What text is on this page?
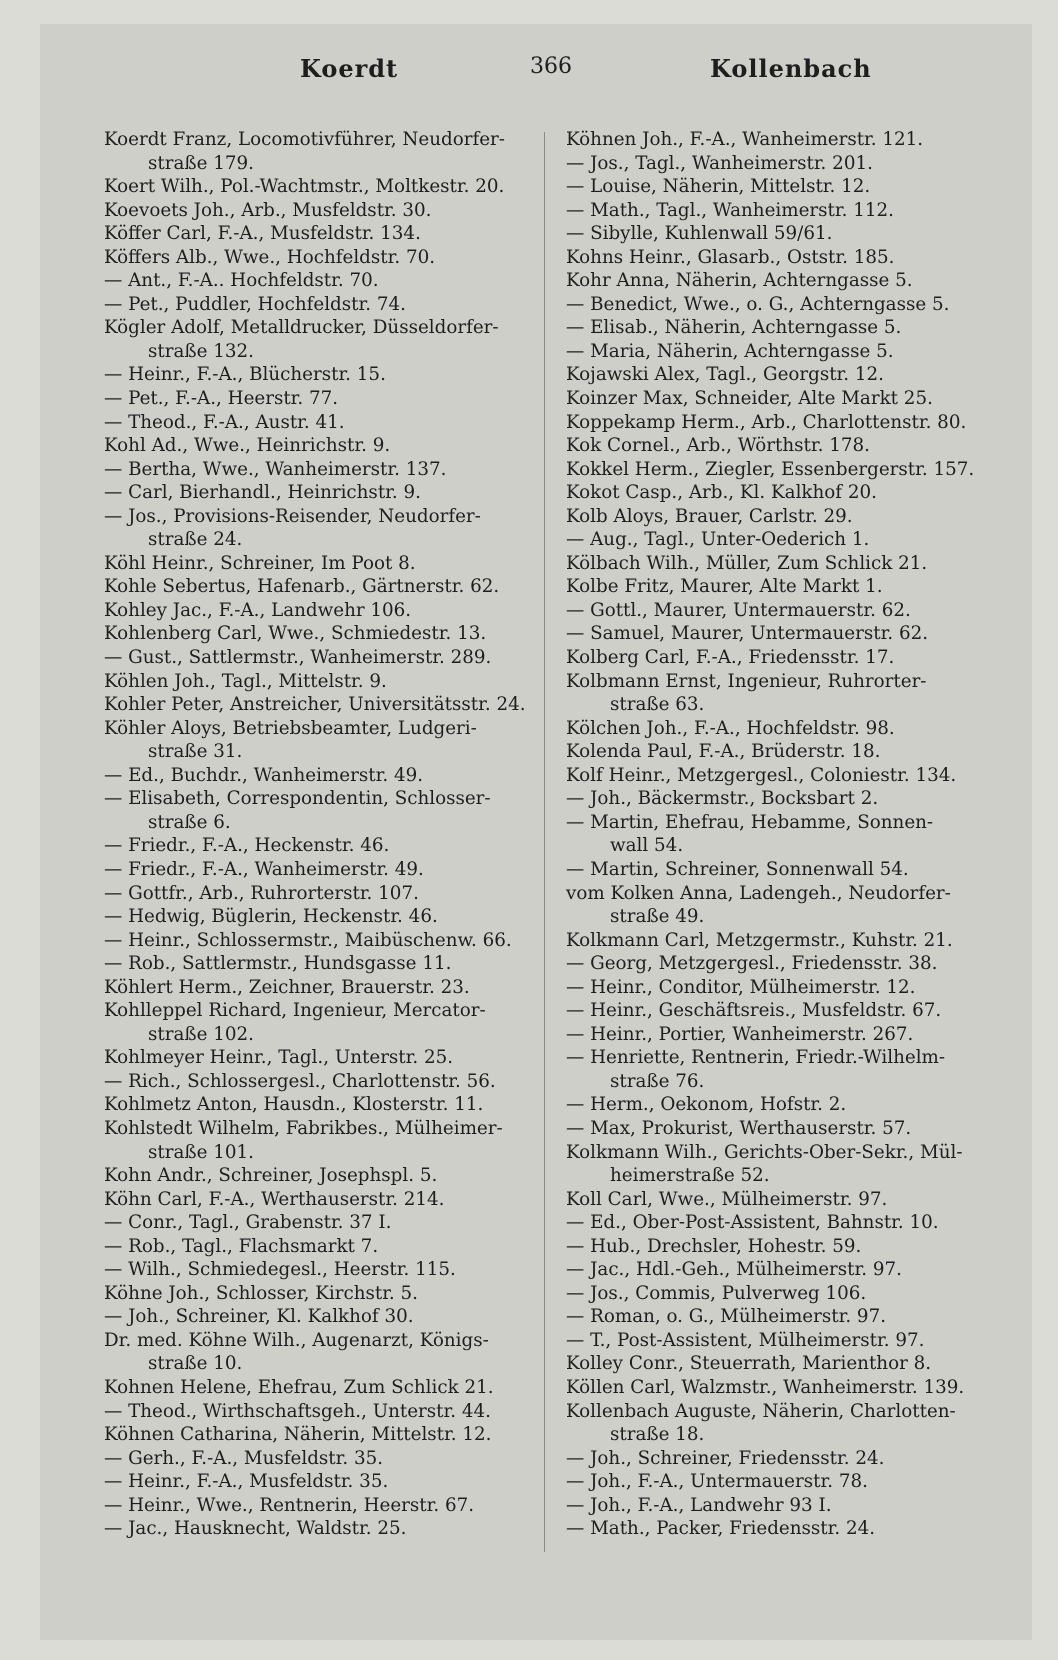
Koerdt	366	Kollenbach
Koerdt Franz, Locomotivführer, Neudorfer-
straße 179.
Koert Wilh., Pol.-Wachtmstr., Moltkestr. 20.
Koevoets Joh., Arb., Musfeldstr. 30.
Köffer Carl, F.-A., Musfeldstr. 134.
Köffers Alb., Wwe., Hochfeldstr. 70.
— Ant., F.-A.. Hochfeldstr. 70.
— Pet., Puddler, Hochfeldstr. 74.
Kögler Adolf, Metalldrucker, Düsseldorfer-
straße 132.
— Heinr., F.-A., Blücherstr. 15.
— Pet., F.-A., Heerstr. 77.
— Theod., F.-A., Austr. 41.
Kohl Ad., Wwe., Heinrichstr. 9.
— Bertha, Wwe., Wanheimerstr. 137.
— Carl, Bierhandl., Heinrichstr. 9.
— Jos., Provisions-Reisender, Neudorfer-
straße 24.
Köhl Heinr., Schreiner, Im Poot 8.
Kohle Sebertus, Hafenarb., Gärtnerstr. 62.
Kohley Jac., F.-A., Landwehr 106.
Kohlenberg Carl, Wwe., Schmiedestr. 13.
— Gust., Sattlermstr., Wanheimerstr. 289.
Köhlen Joh., Tagl., Mittelstr. 9.
Kohler Peter, Anstreicher, Universitätsstr. 24.
Köhler Aloys, Betriebsbeamter, Ludgeri-
straße 31.
— Ed., Buchdr., Wanheimerstr. 49.
— Elisabeth, Correspondentin, Schlosser-
straße 6.
— Friedr., F.-A., Heckenstr. 46.
— Friedr., F.-A., Wanheimerstr. 49.
— Gottfr., Arb., Ruhrorterstr. 107.
— Hedwig, Büglerin, Heckenstr. 46.
— Heinr., Schlossermstr., Maibüschenw. 66.
— Rob., Sattlermstr., Hundsgasse 11.
Köhlert Herm., Zeichner, Brauerstr. 23.
Kohlleppel Richard, Ingenieur, Mercator-
straße 102.
Kohlmeyer Heinr., Tagl., Unterstr. 25.
— Rich., Schlossergesl., Charlottenstr. 56.
Kohlmetz Anton, Hausdn., Klosterstr. 11.
Kohlstedt Wilhelm, Fabrikbes., Mülheimer-
straße 101.
Kohn Andr., Schreiner, Josephspl. 5.
Köhn Carl, F.-A., Werthauserstr. 214.
— Conr., Tagl., Grabenstr. 37 I.
— Rob., Tagl., Flachsmarkt 7.
— Wilh., Schmiedegesl., Heerstr. 115.
Köhne Joh., Schlosser, Kirchstr. 5.
— Joh., Schreiner, Kl. Kalkhof 30.
Dr. med. Köhne Wilh., Augenarzt, Königs-
straße 10.
Kohnen Helene, Ehefrau, Zum Schlick 21.
— Theod., Wirthschaftsgeh., Unterstr. 44.
Köhnen Catharina, Näherin, Mittelstr. 12.
— Gerh., F.-A., Musfeldstr. 35.
— Heinr., F.-A., Musfeldstr. 35.
— Heinr., Wwe., Rentnerin, Heerstr. 67.
— Jac., Hausknecht, Waldstr. 25.
Köhnen Joh., F.-A., Wanheimerstr. 121.
— Jos., Tagl., Wanheimerstr. 201.
— Louise, Näherin, Mittelstr. 12.
— Math., Tagl., Wanheimerstr. 112.
— Sibylle, Kuhlenwall 59/61.
Kohns Heinr., Glasarb., Oststr. 185.
Kohr Anna, Näherin, Achterngasse 5.
— Benedict, Wwe., o. G., Achterngasse 5.
— Elisab., Näherin, Achterngasse 5.
— Maria, Näherin, Achterngasse 5.
Kojawski Alex, Tagl., Georgstr. 12.
Koinzer Max, Schneider, Alte Markt 25.
Koppekamp Herm., Arb., Charlottenstr. 80.
Kok Cornel., Arb., Wörthstr. 178.
Kokkel Herm., Ziegler, Essenbergerstr. 157.
Kokot Casp., Arb., Kl. Kalkhof 20.
Kolb Aloys, Brauer, Carlstr. 29.
— Aug., Tagl., Unter-Oederich 1.
Kölbach Wilh., Müller, Zum Schlick 21.
Kolbe Fritz, Maurer, Alte Markt 1.
— Gottl., Maurer, Untermauerstr. 62.
— Samuel, Maurer, Untermauerstr. 62.
Kolberg Carl, F.-A., Friedensstr. 17.
Kolbmann Ernst, Ingenieur, Ruhrorter-
straße 63.
Kölchen Joh., F.-A., Hochfeldstr. 98.
Kolenda Paul, F.-A., Brüderstr. 18.
Kolf Heinr., Metzgergesl., Coloniestr. 134.
— Joh., Bäckermstr., Bocksbart 2.
— Martin, Ehefrau, Hebamme, Sonnen-
wall 54.
— Martin, Schreiner, Sonnenwall 54.
vom Kolken Anna, Ladengeh., Neudorfer-
straße 49.
Kolkmann Carl, Metzgermstr., Kuhstr. 21.
— Georg, Metzgergesl., Friedensstr. 38.
— Heinr., Conditor, Mülheimerstr. 12.
— Heinr., Geschäftsreis., Musfeldstr. 67.
— Heinr., Portier, Wanheimerstr. 267.
— Henriette, Rentnerin, Friedr.-Wilhelm-
straße 76.
— Herm., Oekonom, Hofstr. 2.
— Max, Prokurist, Werthauserstr. 57.
Kolkmann Wilh., Gerichts-Ober-Sekr., Mül-
heimerstraße 52.
Koll Carl, Wwe., Mülheimerstr. 97.
— Ed., Ober-Post-Assistent, Bahnstr. 10.
— Hub., Drechsler, Hohestr. 59.
— Jac., Hdl.-Geh., Mülheimerstr. 97.
— Jos., Commis, Pulverweg 106.
— Roman, o. G., Mülheimerstr. 97.
— T., Post-Assistent, Mülheimerstr. 97.
Kolley Conr., Steuerrath, Marienthor 8.
Köllen Carl, Walzmstr., Wanheimerstr. 139.
Kollenbach Auguste, Näherin, Charlotten-
straße 18.
— Joh., Schreiner, Friedensstr. 24.
— Joh., F.-A., Untermauerstr. 78.
— Joh., F.-A., Landwehr 93 I.
— Math., Packer, Friedensstr. 24.
